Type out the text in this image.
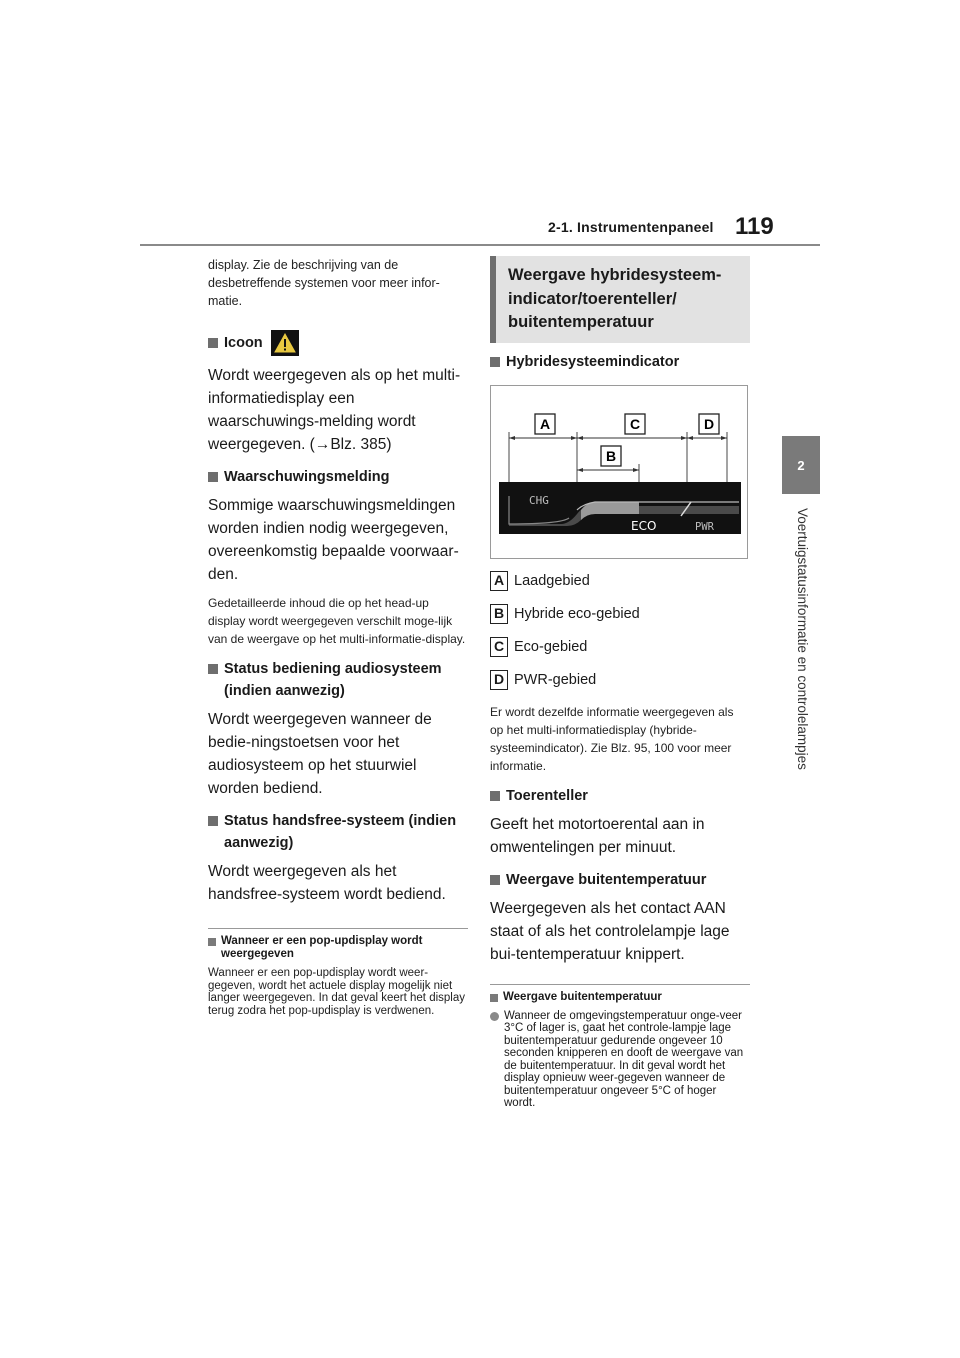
2-1. Instrumentenpaneel 119
2
Voertuigstatusinformatie en controlelampjes

display. Zie de beschrijving van de desbetreffende systemen voor meer infor-matie.

Icoon

Wordt weergegeven als op het multi-informatiedisplay een waarschuwings-melding wordt weergegeven. (→Blz. 385)

Waarschuwingsmelding

Sommige waarschuwingsmeldingen worden indien nodig weergegeven, overeenkomstig bepaalde voorwaar-den.

Gedetailleerde inhoud die op het head-up display wordt weergegeven verschilt moge-lijk van de weergave op het multi-informatie-display.

Status bediening audiosysteem (indien aanwezig)

Wordt weergegeven wanneer de bedie-ningstoetsen voor het audiosysteem op het stuurwiel worden bediend.

Status handsfree-systeem (indien aanwezig)

Wordt weergegeven als het handsfree-systeem wordt bediend.

Wanneer er een pop-updisplay wordt weergegeven

Wanneer er een pop-updisplay wordt weer-gegeven, wordt het actuele display mogelijk niet langer weergegeven. In dat geval keert het display terug zodra het pop-updisplay is verdwenen.

Weergave hybridesysteem-indicator/toerenteller/ buitentemperatuur
Hybridesysteemindicator
A	C	D
B
CHG
ECO	PWR
A Laadgebied
B Hybride eco-gebied
C Eco-gebied
D PWR-gebied

Er wordt dezelfde informatie weergegeven als op het multi-informatiedisplay (hybride-systeemindicator). Zie Blz. 95, 100 voor meer informatie.

Toerenteller

Geeft het motortoerental aan in omwentelingen per minuut.

Weergave buitentemperatuur

Weergegeven als het contact AAN staat of als het controlelampje lage bui-tentemperatuur knippert.

Weergave buitentemperatuur
Wanneer de omgevingstemperatuur onge-veer 3°C of lager is, gaat het controle-lampje lage buitentemperatuur gedurende ongeveer 10 seconden knipperen en dooft de weergave van de buitentemperatuur. In dit geval wordt het display opnieuw weer-gegeven wanneer de buitentemperatuur ongeveer 5°C of hoger wordt.
